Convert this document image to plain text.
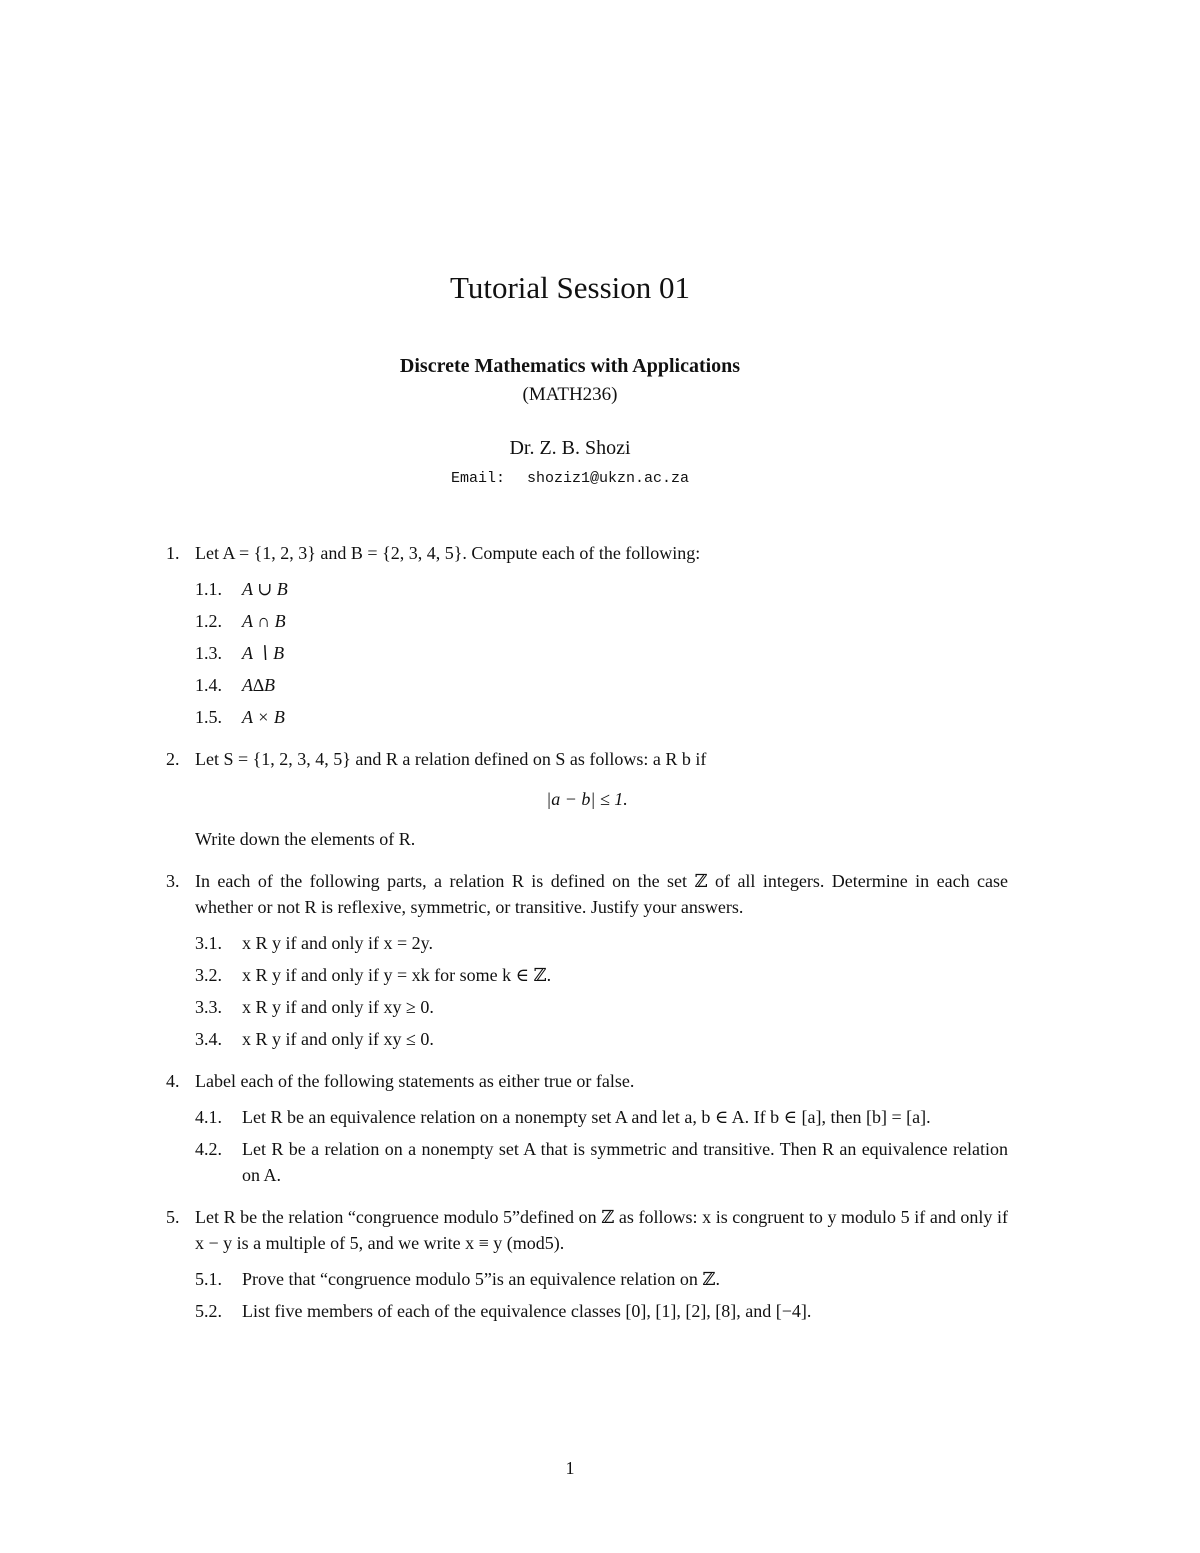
Tutorial Session 01
Discrete Mathematics with Applications
(MATH236)
Dr. Z. B. Shozi
Email: shoziz1@ukzn.ac.za
1. Let A = {1, 2, 3} and B = {2, 3, 4, 5}. Compute each of the following:

1.1. A ∪ B
1.2. A ∩ B
1.3. A ∖ B
1.4. A∆B
1.5. A × B
2. Let S = {1, 2, 3, 4, 5} and R a relation defined on S as follows: a R b if

|a − b| ≤ 1.

Write down the elements of R.

3. In each of the following parts, a relation R is defined on the set ℤ of all integers. Determine in each case whether or not R is reflexive, symmetric, or transitive. Justify your answers.

3.1. x R y if and only if x = 2y.
3.2. x R y if and only if y = xk for some k ∈ ℤ.
3.3. x R y if and only if xy ≥ 0.
3.4. x R y if and only if xy ≤ 0.
4. Label each of the following statements as either true or false.

4.1. Let R be an equivalence relation on a nonempty set A and let a, b ∈ A. If b ∈ [a], then [b] = [a].
4.2. Let R be a relation on a nonempty set A that is symmetric and transitive. Then R an equivalence relation on A.
5. Let R be the relation “congruence modulo 5”defined on ℤ as follows: x is congruent to y modulo 5 if and only if x − y is a multiple of 5, and we write x ≡ y (mod5).

5.1. Prove that “congruence modulo 5”is an equivalence relation on ℤ.
5.2. List five members of each of the equivalence classes [0], [1], [2], [8], and [−4].
1
